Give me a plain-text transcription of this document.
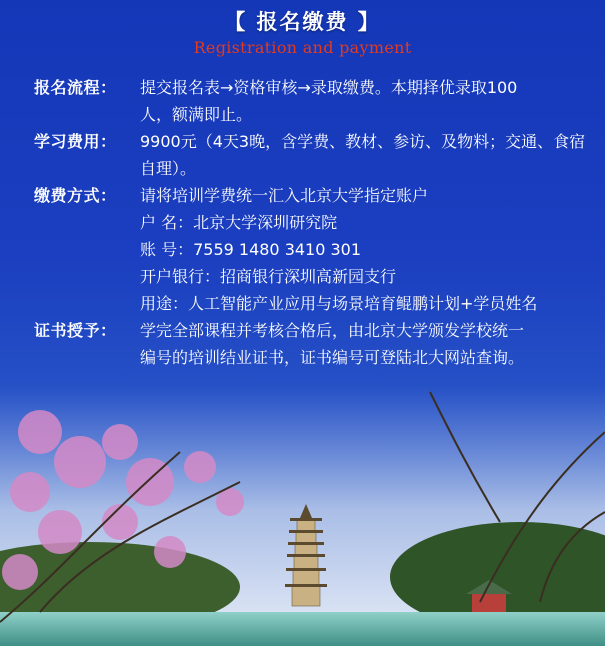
【 报名缴费 】
Registration and payment
报名流程： 提交报名表→资格审核→录取缴费。本期择优录取100
人，额满即止。
学习费用： 9900元（4天3晚，含学费、教材、参访、及物料；交通、食宿
自理）。
缴费方式： 请将培训学费统一汇入北京大学指定账户
户 名：北京大学深圳研究院
账 号：7559 1480 3410 301
开户银行：招商银行深圳高新园支行
用途：人工智能产业应用与场景培育鲲鹏计划+学员姓名
证书授予： 学完全部课程并考核合格后，由北京大学颁发学校统一
编号的培训结业证书，证书编号可登陆北大网站查询。
